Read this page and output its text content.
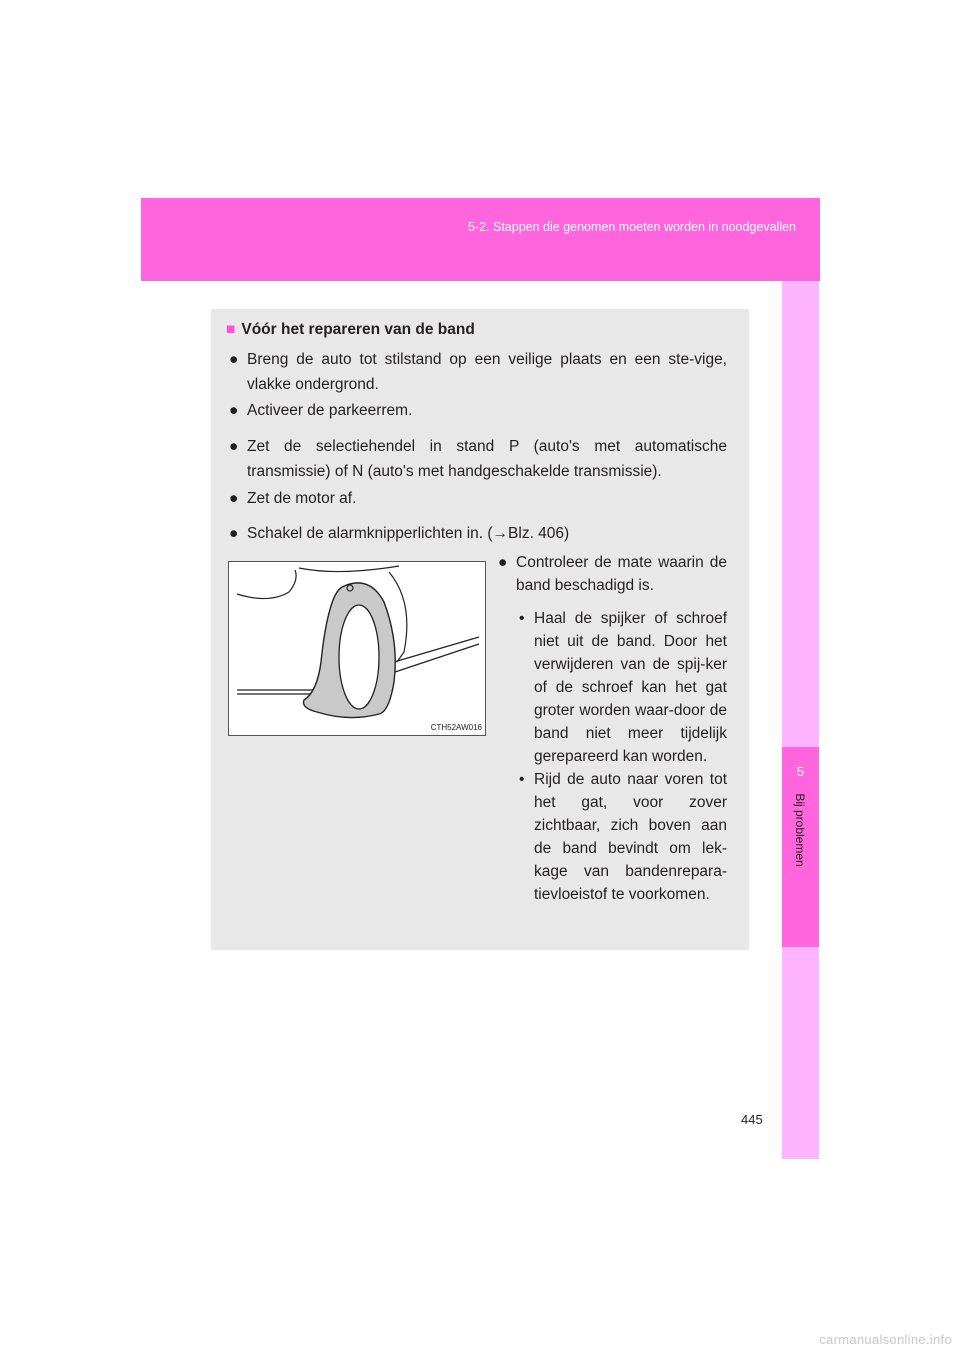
5-2. Stappen die genomen moeten worden in noodgevallen
5
Bij problemen
■ Vóór het repareren van de band
● Breng de auto tot stilstand op een veilige plaats en een ste-vige, vlakke ondergrond.
● Activeer de parkeerrem.
● Zet de selectiehendel in stand P (auto's met automatische transmissie) of N (auto's met handgeschakelde transmissie).
● Zet de motor af.
● Schakel de alarmknipperlichten in. (→Blz. 406)
CTH52AW016
● Controleer de mate waarin de band beschadigd is.
• Haal de spijker of schroef niet uit de band. Door het verwijderen van de spij-ker of de schroef kan het gat groter worden waar-door de band niet meer tijdelijk gerepareerd kan worden.
• Rijd de auto naar voren tot het gat, voor zover zichtbaar, zich boven aan de band bevindt om lek-kage van bandenrepara-tievloeistof te voorkomen.
445
carmanualsonline.info
